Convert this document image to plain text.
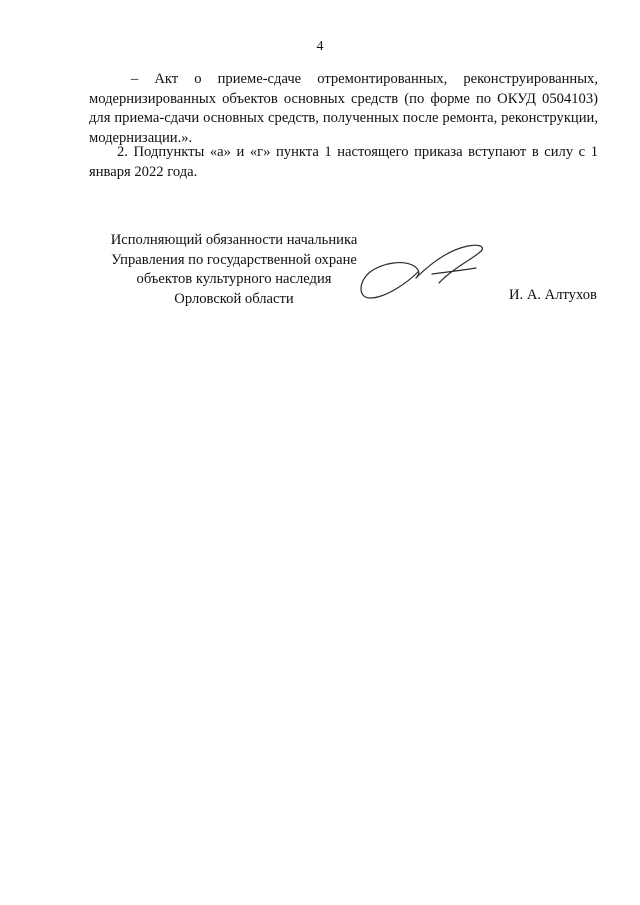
4
– Акт о приеме-сдаче отремонтированных, реконструированных, модернизированных объектов основных средств (по форме по ОКУД 0504103) для приема-сдачи основных средств, полученных после ремонта, реконструкции, модернизации.».
2. Подпункты «а» и «г» пункта 1 настоящего приказа вступают в силу с 1 января 2022 года.
Исполняющий обязанности начальника
Управления по государственной охране
объектов культурного наследия
Орловской области	И. А. Алтухов
